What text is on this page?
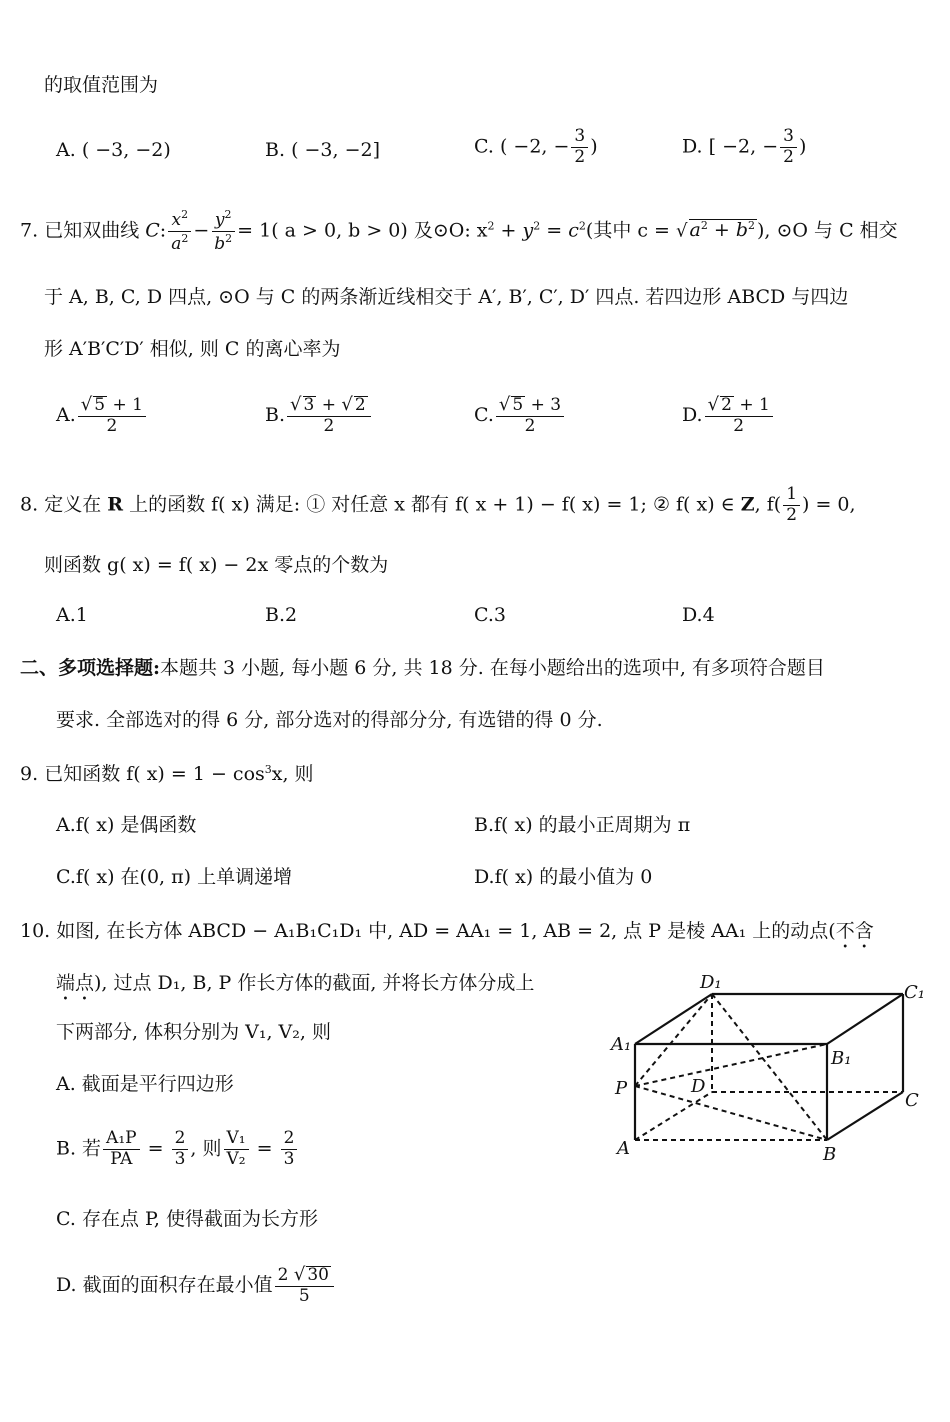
的取值范围为
A. ( −3, −2)	B. ( −3, −2]	C. ( −2, − $\frac{3}{2}$ )	D. [ −2, − $\frac{3}{2}$ )
7. 已知双曲线 C: $\frac{x^2}{a^2} - \frac{y^2}{b^2} = 1$( a > 0, b > 0) 及⊙O: $x^2 + y^2 = c^2$(其中 c = √ $a^2 + b^2$ ), ⊙O 与 C 相交
于 A, B, C, D 四点, ⊙O 与 C 的两条渐近线相交于 A′, B′, C′, D′ 四点. 若四边形 ABCD 与四边
形 A′B′C′D′ 相似, 则 C 的离心率为
A. $\frac{√ 5 + 1}{2}$	B. $\frac{√ 3 + √ 2}{2}$	C. $\frac{√ 5 + 3}{2}$	D. $\frac{√ 2 + 1}{2}$
8. 定义在 R 上的函数 f( x) 满足: ① 对任意 x 都有 f( x + 1) − f( x) = 1; ② f( x) ∈ Z, $f( \frac{1}{2}$ ) = 0,
则函数 g( x) = f( x) − 2x 零点的个数为
A.1	B.2	C.3	D.4
二、多项选择题:本题共 3 小题, 每小题 6 分, 共 18 分. 在每小题给出的选项中, 有多项符合题目
要求. 全部选对的得 6 分, 部分选对的得部分分, 有选错的得 0 分.
9. 已知函数 f( $x) = 1 - \cos^3x$, 则
A.f( x) 是偶函数	B.f( x) 的最小正周期为 π
C.f( x) 在(0, π) 上单调递增	D.f( x) 的最小值为 0
10. 如图, 在长方体 ABCD − A₁B₁C₁D₁ 中, AD = AA₁ = 1, AB = 2, 点 P 是棱 AA₁ 上的动点(不含
端点), 过点 D₁, B, P 作长方体的截面, 并将长方体分成上
下两部分, 体积分别为 V₁, V₂, 则
A. 截面是平行四边形
B. 若 $\frac{\text{A₁P}}{PA} = \frac{2}{3}$ , 则 $\frac{\text{V₁}}{\text{V₂}} = \frac{2}{3}$
C. 存在点 P, 使得截面为长方形
D. 截面的面积存在最小值 $\frac{2 √ 30}{5}$
D₁	C₁
A₁
B₁
P	D
C
A	B
